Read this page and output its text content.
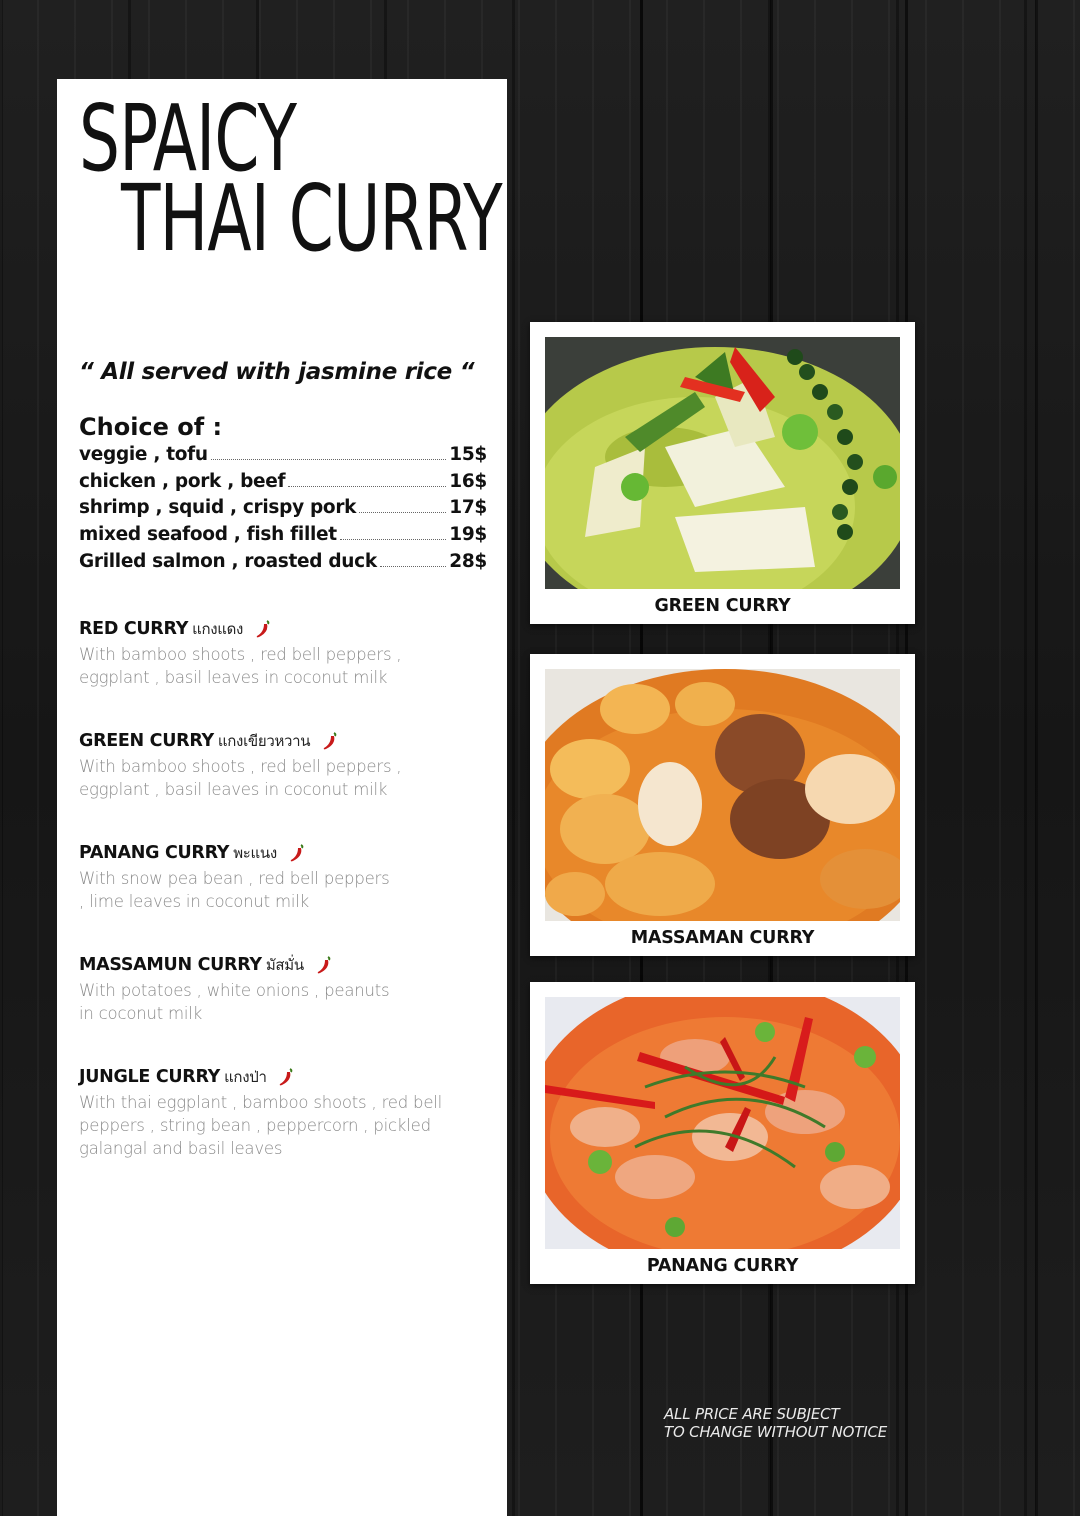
SPAICY
THAI CURRY

“ All served with jasmine rice “

Choice of :

veggie , tofu	15$
chicken , pork , beef	16$
shrimp , squid , crispy pork	17$
mixed seafood , fish fillet	19$
Grilled salmon , roasted duck	28$
RED CURRY แกงแดง

With bamboo shoots , red bell peppers ,
eggplant , basil leaves in coconut milk

GREEN CURRY แกงเขียวหวาน

With bamboo shoots , red bell peppers ,
eggplant , basil leaves in coconut milk

PANANG CURRY พะแนง

With snow pea bean , red bell peppers
, lime leaves in coconut milk

MASSAMUN CURRY มัสมั่น

With potatoes , white onions , peanuts
in coconut milk

JUNGLE CURRY แกงป่า

With thai eggplant , bamboo shoots , red bell
peppers , string bean , peppercorn , pickled
galangal and basil leaves

GREEN CURRY
MASSAMAN CURRY
PANANG CURRY

ALL PRICE ARE SUBJECT
TO CHANGE WITHOUT NOTICE
